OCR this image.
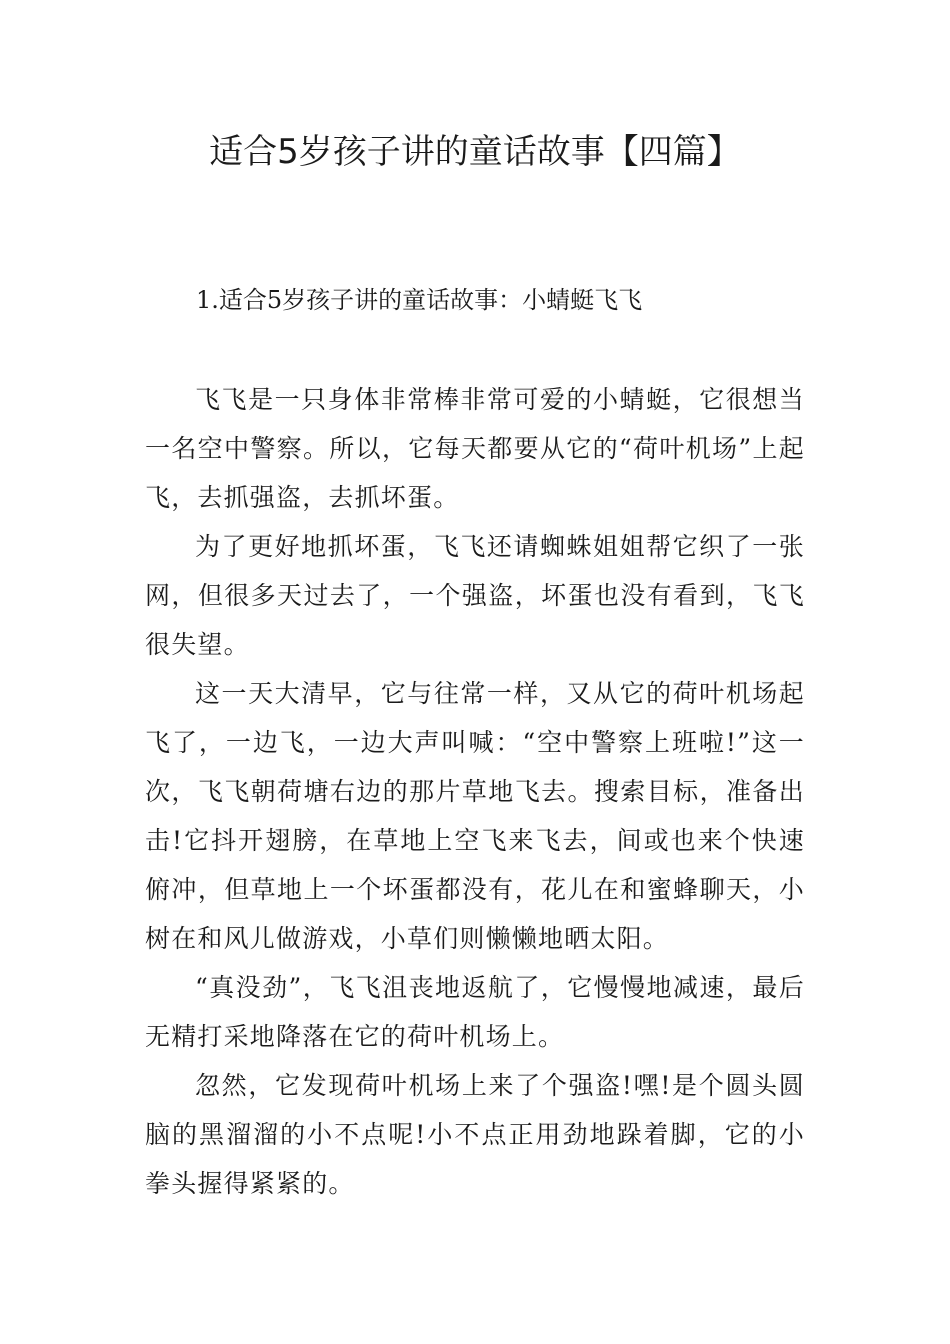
适合5岁孩子讲的童话故事【四篇】
1.适合5岁孩子讲的童话故事：小蜻蜓飞飞

飞飞是一只身体非常棒非常可爱的小蜻蜓，它很想当一名空中警察。所以，它每天都要从它的“荷叶机场”上起飞，去抓强盗，去抓坏蛋。

为了更好地抓坏蛋，飞飞还请蜘蛛姐姐帮它织了一张网，但很多天过去了，一个强盗，坏蛋也没有看到，飞飞很失望。

这一天大清早，它与往常一样，又从它的荷叶机场起飞了，一边飞，一边大声叫喊：“空中警察上班啦!”这一次，飞飞朝荷塘右边的那片草地飞去。搜索目标，准备出击!它抖开翅膀，在草地上空飞来飞去，间或也来个快速俯冲，但草地上一个坏蛋都没有，花儿在和蜜蜂聊天，小树在和风儿做游戏，小草们则懒懒地晒太阳。

“真没劲”，飞飞沮丧地返航了，它慢慢地减速，最后无精打采地降落在它的荷叶机场上。

忽然，它发现荷叶机场上来了个强盗!嘿!是个圆头圆脑的黑溜溜的小不点呢!小不点正用劲地跺着脚，它的小拳头握得紧紧的。
